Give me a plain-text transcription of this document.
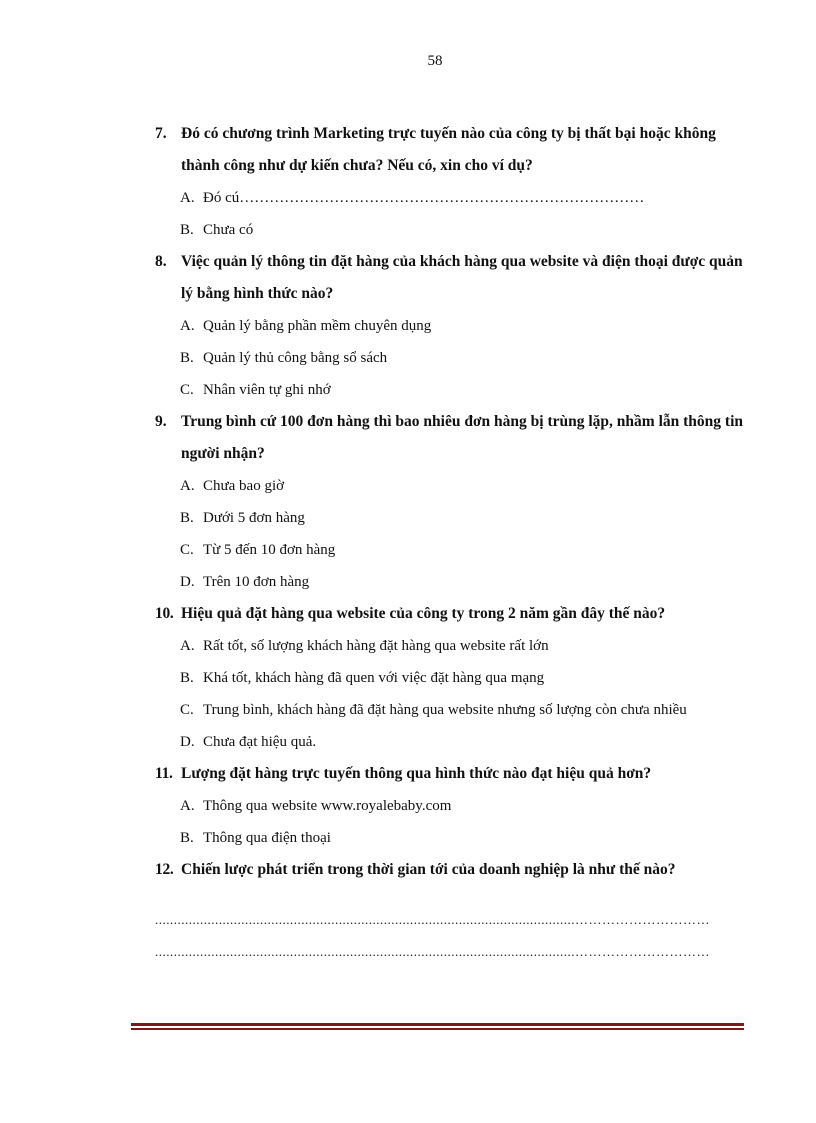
58
7. Đó có chương trình Marketing trực tuyến nào của công ty bị thất bại hoặc không thành công như dự kiến chưa? Nếu có, xin cho ví dụ?
A. Đó cú………………………………………………………………………
B. Chưa có
8. Việc quản lý thông tin đặt hàng của khách hàng qua website và điện thoại được quản lý bằng hình thức nào?
A. Quản lý bằng phần mềm chuyên dụng
B. Quản lý thủ công bằng sổ sách
C. Nhân viên tự ghi nhớ
9. Trung bình cứ 100 đơn hàng thì bao nhiêu đơn hàng bị trùng lặp, nhầm lẫn thông tin người nhận?
A. Chưa bao giờ
B. Dưới 5 đơn hàng
C. Từ 5 đến 10 đơn hàng
D. Trên 10 đơn hàng
10. Hiệu quả đặt hàng qua website của công ty trong 2 năm gần đây thế nào?
A. Rất tốt, số lượng khách hàng đặt hàng qua website rất lớn
B. Khá tốt, khách hàng đã quen với việc đặt hàng qua mạng
C. Trung bình, khách hàng đã đặt hàng qua website nhưng số lượng còn chưa nhiều
D. Chưa đạt hiệu quả.
11. Lượng đặt hàng trực tuyến thông qua hình thức nào đạt hiệu quả hơn?
A. Thông qua website www.royalebaby.com
B. Thông qua điện thoại
12. Chiến lược phát triển trong thời gian tới của doanh nghiệp là như thế nào?
................................................................................................................…………………………
................................................................................................................…………………………
